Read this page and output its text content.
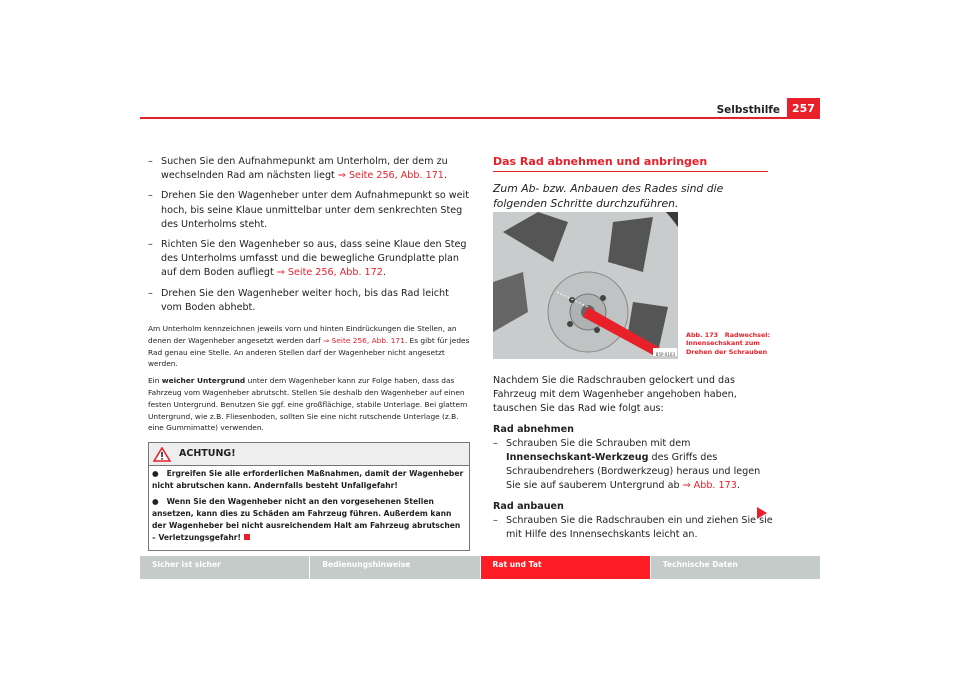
Selbsthilfe	257
– Suchen Sie den Aufnahmepunkt am Unterholm, der dem zu wechselnden Rad am nächsten liegt ⇒ Seite 256, Abb. 171.
– Drehen Sie den Wagenheber unter dem Aufnahmepunkt so weit hoch, bis seine Klaue unmittelbar unter dem senkrechten Steg des Unterholms steht.
– Richten Sie den Wagenheber so aus, dass seine Klaue den Steg des Unterholms umfasst und die bewegliche Grundplatte plan auf dem Boden aufliegt ⇒ Seite 256, Abb. 172.
– Drehen Sie den Wagenheber weiter hoch, bis das Rad leicht vom Boden abhebt.

Am Unterholm kennzeichnen jeweils vorn und hinten Eindrückungen die Stellen, an denen der Wagenheber angesetzt werden darf ⇒ Seite 256, Abb. 171. Es gibt für jedes Rad genau eine Stelle. An anderen Stellen darf der Wagenheber nicht angesetzt werden.

Ein weicher Untergrund unter dem Wagenheber kann zur Folge haben, dass das Fahrzeug vom Wagenheber abrutscht. Stellen Sie deshalb den Wagenheber auf einen festen Untergrund. Benutzen Sie ggf. eine großflächige, stabile Unterlage. Bei glattem Untergrund, wie z.B. Fliesenboden, sollten Sie eine nicht rutschende Unterlage (z.B. eine Gummimatte) verwenden.

ACHTUNG!

●   Ergreifen Sie alle erforderlichen Maßnahmen, damit der Wagenheber nicht abrutschen kann. Andernfalls besteht Unfallgefahr!

●   Wenn Sie den Wagenheber nicht an den vorgesehenen Stellen ansetzen, kann dies zu Schäden am Fahrzeug führen. Außerdem kann der Wagenheber bei nicht ausreichendem Halt am Fahrzeug abrutschen – Verletzungsgefahr!

Das Rad abnehmen und anbringen
Zum Ab- bzw. Anbauen des Rades sind die folgenden Schritte durchzuführen.
B5P-0103
Abb. 173 Radwechsel:
Innensechskant zum
Drehen der Schrauben

Nachdem Sie die Radschrauben gelockert und das Fahrzeug mit dem Wagenheber angehoben haben, tauschen Sie das Rad wie folgt aus:

Rad abnehmen

– Schrauben Sie die Schrauben mit dem Innensechskant-Werkzeug des Griffs des Schraubendrehers (Bordwerkzeug) heraus und legen Sie sie auf sauberem Untergrund ab ⇒ Abb. 173.

Rad anbauen

– Schrauben Sie die Radschrauben ein und ziehen Sie sie mit Hilfe des Innensechskants leicht an.
Sicher ist sicher	Bedienungshinweise	Rat und Tat	Technische Daten
